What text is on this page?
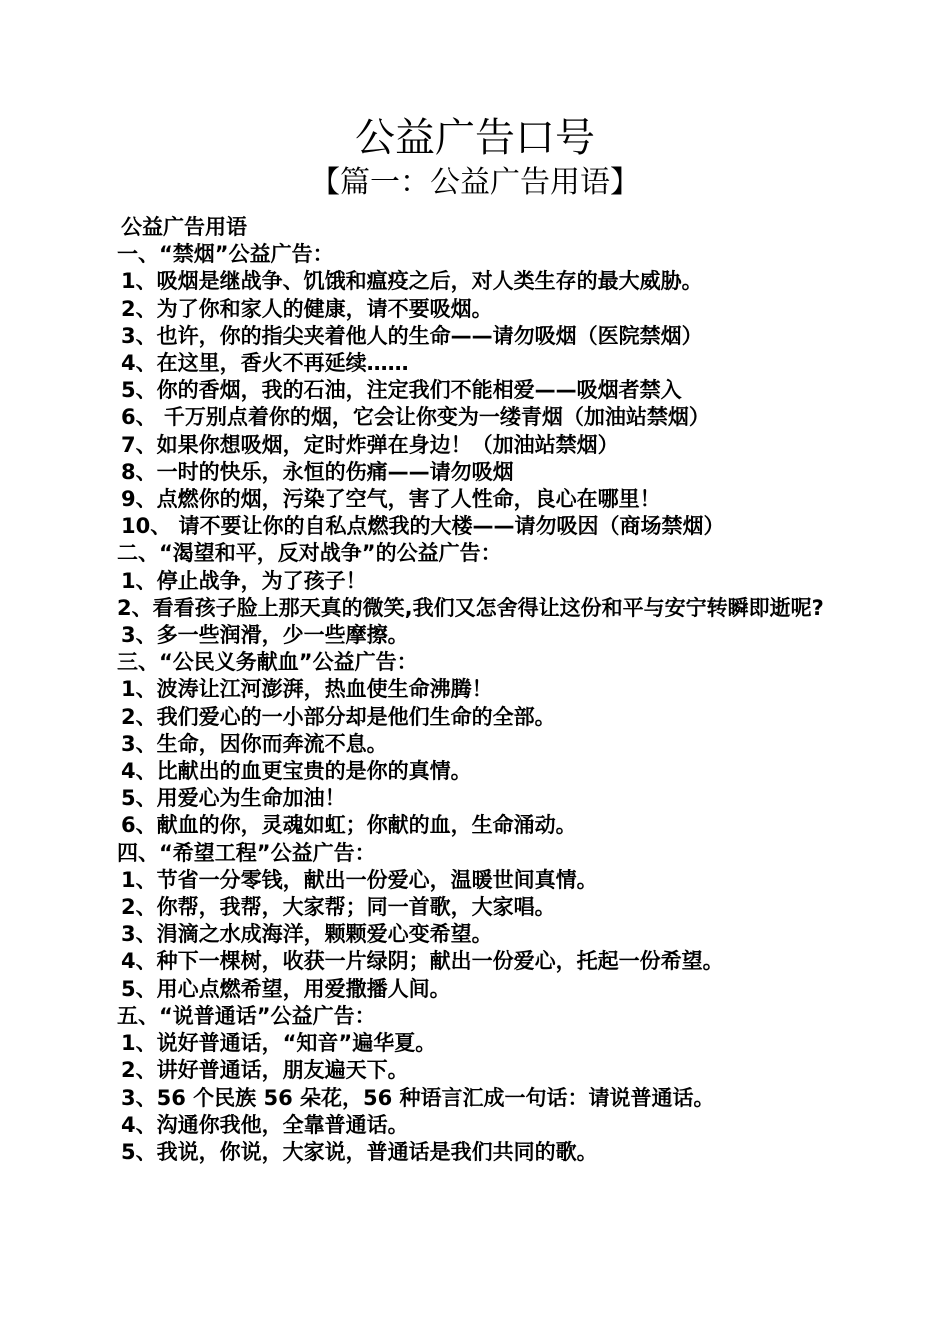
公益广告口号
【篇一：公益广告用语】
公益广告用语
一、“禁烟”公益广告：
1、吸烟是继战争、饥饿和瘟疫之后，对人类生存的最大威胁。
2、为了你和家人的健康，请不要吸烟。
3、也许，你的指尖夹着他人的生命——请勿吸烟（医院禁烟）
4、在这里，香火不再延续……
5、你的香烟，我的石油，注定我们不能相爱——吸烟者禁入
6、 千万别点着你的烟，它会让你变为一缕青烟（加油站禁烟）
7、如果你想吸烟，定时炸弹在身边！（加油站禁烟）
8、一时的快乐，永恒的伤痛——请勿吸烟
9、点燃你的烟，污染了空气，害了人性命，良心在哪里！
10、 请不要让你的自私点燃我的大楼——请勿吸因（商场禁烟）
二、“渴望和平，反对战争”的公益广告：
1、停止战争，为了孩子！
2、看看孩子脸上那天真的微笑,我们又怎舍得让这份和平与安宁转瞬即逝呢?
3、多一些润滑，少一些摩擦。
三、“公民义务献血”公益广告：
1、波涛让江河澎湃，热血使生命沸腾！
2、我们爱心的一小部分却是他们生命的全部。
3、生命，因你而奔流不息。
4、比献出的血更宝贵的是你的真情。
5、用爱心为生命加油！
6、献血的你，灵魂如虹；你献的血，生命涌动。
四、“希望工程”公益广告：
1、节省一分零钱，献出一份爱心，温暖世间真情。
2、你帮，我帮，大家帮；同一首歌，大家唱。
3、涓滴之水成海洋，颗颗爱心变希望。
4、种下一棵树，收获一片绿阴；献出一份爱心，托起一份希望。
5、用心点燃希望，用爱撒播人间。
五、“说普通话”公益广告：
1、说好普通话，“知音”遍华夏。
2、讲好普通话，朋友遍天下。
3、56 个民族 56 朵花，56 种语言汇成一句话：请说普通话。
4、沟通你我他，全靠普通话。
5、我说，你说，大家说，普通话是我们共同的歌。
